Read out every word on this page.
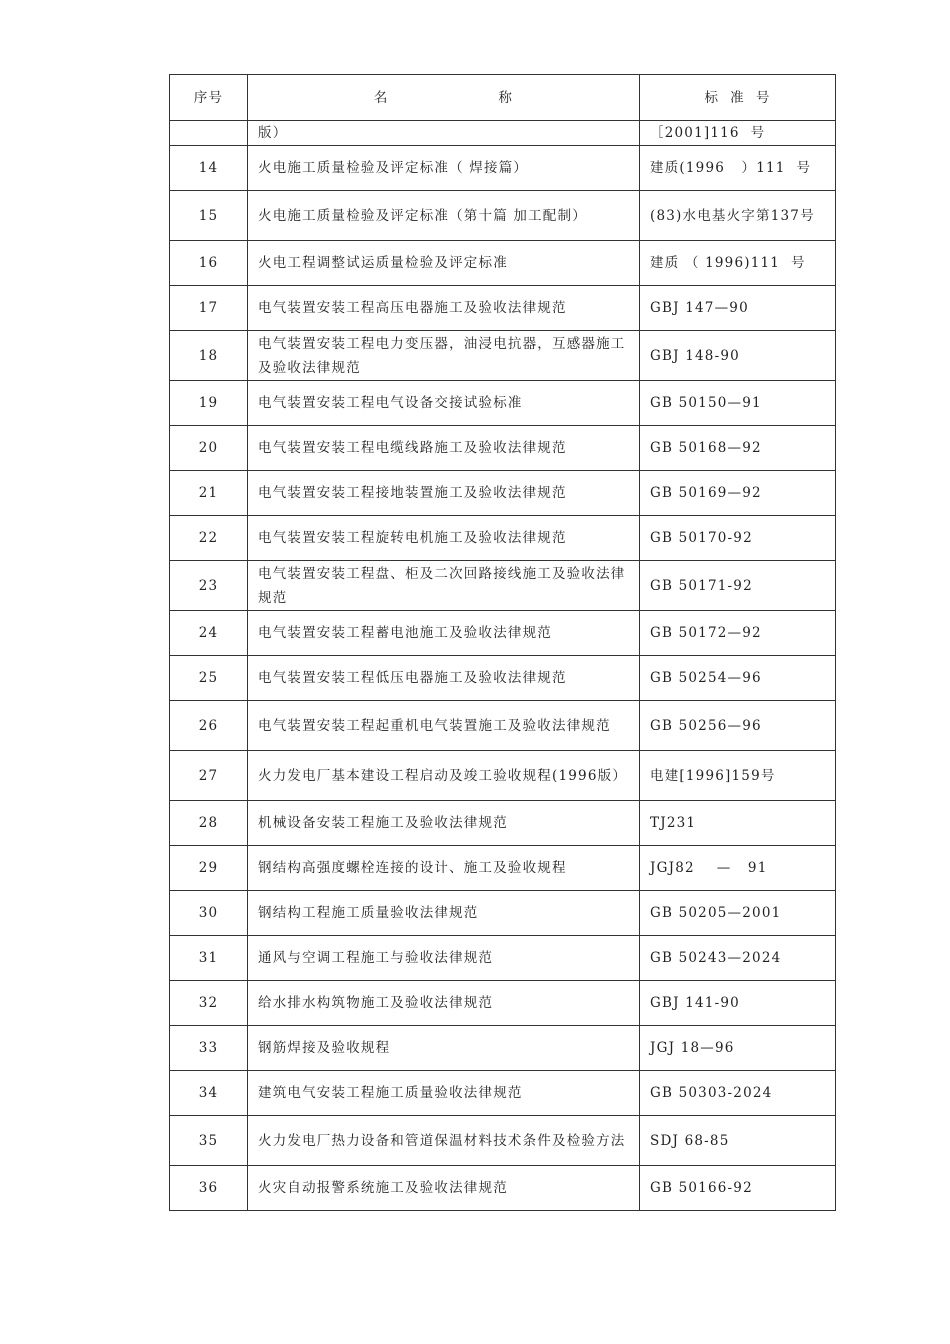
序号	名                    称	标  准  号
	版）	［2001]116  号
14	火电施工质量检验及评定标准（ 焊接篇）	建质(1996   ）111  号
15	火电施工质量检验及评定标准（第十篇 加工配制）	(83)水电基火字第137号
16	火电工程调整试运质量检验及评定标准	建质 （ 1996)111  号
17	电气装置安装工程高压电器施工及验收法律规范	GBJ 147—90
18	电气装置安装工程电力变压器，油浸电抗器，互感器施工及验收法律规范	GBJ 148-90
19	电气装置安装工程电气设备交接试验标准	GB 50150—91
20	电气装置安装工程电缆线路施工及验收法律规范	GB 50168—92
21	电气装置安装工程接地装置施工及验收法律规范	GB 50169—92
22	电气装置安装工程旋转电机施工及验收法律规范	GB 50170-92
23	电气装置安装工程盘、柜及二次回路接线施工及验收法律规范	GB 50171-92
24	电气装置安装工程蓄电池施工及验收法律规范	GB 50172—92
25	电气装置安装工程低压电器施工及验收法律规范	GB 50254—96
26	电气装置安装工程起重机电气装置施工及验收法律规范	GB 50256—96
27	火力发电厂基本建设工程启动及竣工验收规程(1996版）	电建[1996]159号
28	机械设备安装工程施工及验收法律规范	TJ231
29	钢结构高强度螺栓连接的设计、施工及验收规程	JGJ82    —   91
30	钢结构工程施工质量验收法律规范	GB 50205—2001
31	通风与空调工程施工与验收法律规范	GB 50243—2024
32	给水排水构筑物施工及验收法律规范	GBJ 141-90
33	钢筋焊接及验收规程	JGJ 18—96
34	建筑电气安装工程施工质量验收法律规范	GB 50303-2024
35	火力发电厂热力设备和管道保温材料技术条件及检验方法	SDJ 68-85
36	火灾自动报警系统施工及验收法律规范	GB 50166-92
